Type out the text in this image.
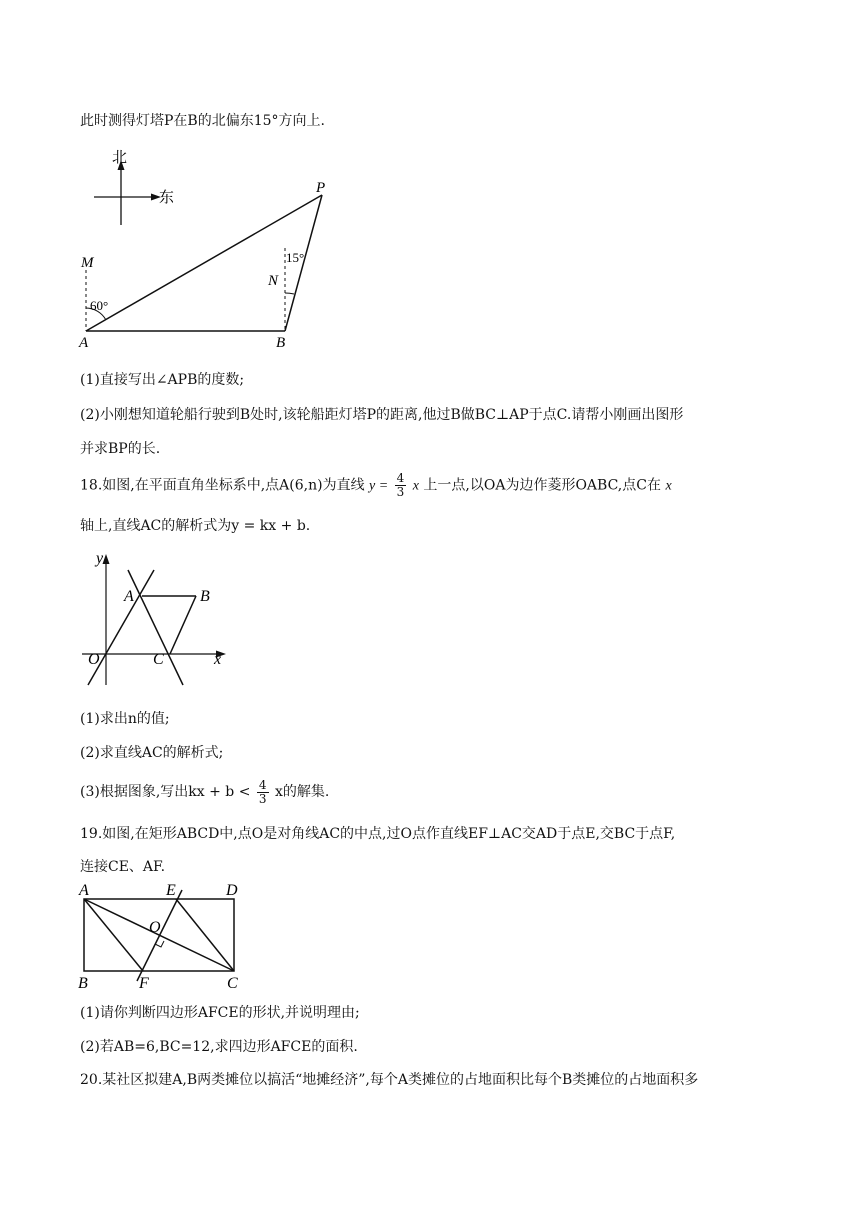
此时测得灯塔P在B的北偏东15°方向上.
北
东
P
M
N
A	B
60°
15°
(1)直接写出∠APB的度数;
(2)小刚想知道轮船行驶到B处时,该轮船距灯塔P的距离,他过B做BC⊥AP于点C.请帮小刚画出图形
并求BP的长.
18.如图,在平面直角坐标系中,点A(6,n)为直线 $y = \frac{4}{3}$ x 上一点,以OA为边作菱形OABC,点C在 x
轴上,直线AC的解析式为y = kx + b.
y
x
O
A	B
C
(1)求出n的值;
(2)求直线AC的解析式;
(3)根据图象,写出kx + $b < \frac{4}{3}$ x的解集.
19.如图,在矩形ABCD中,点O是对角线AC的中点,过O点作直线EF⊥AC交AD于点E,交BC于点F,
连接CE、AF.
A	E	D
O
B	F	C
(1)请你判断四边形AFCE的形状,并说明理由;
(2)若AB=6,BC=12,求四边形AFCE的面积.
20.某社区拟建A,B两类摊位以搞活“地摊经济”,每个A类摊位的占地面积比每个B类摊位的占地面积多
